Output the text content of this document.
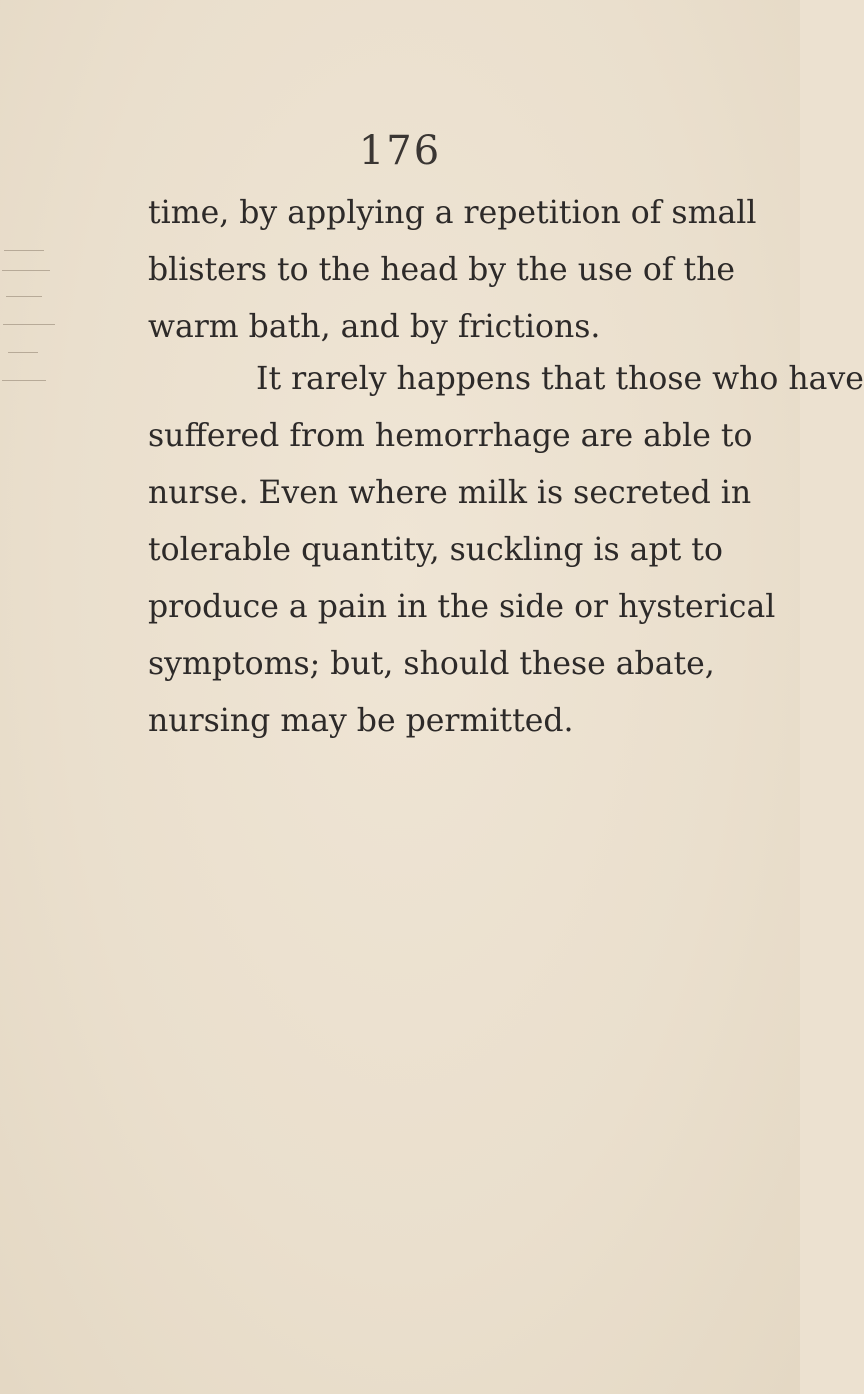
176

time, by applying a repetition of small
blisters to the head by the use of the
warm bath, and by frictions.

It rarely happens that those who have
suffered from hemorrhage are able to
nurse. Even where milk is secreted in
tolerable quantity, suckling is apt to
produce a pain in the side or hysterical
symptoms; but, should these abate,
nursing may be permitted.
